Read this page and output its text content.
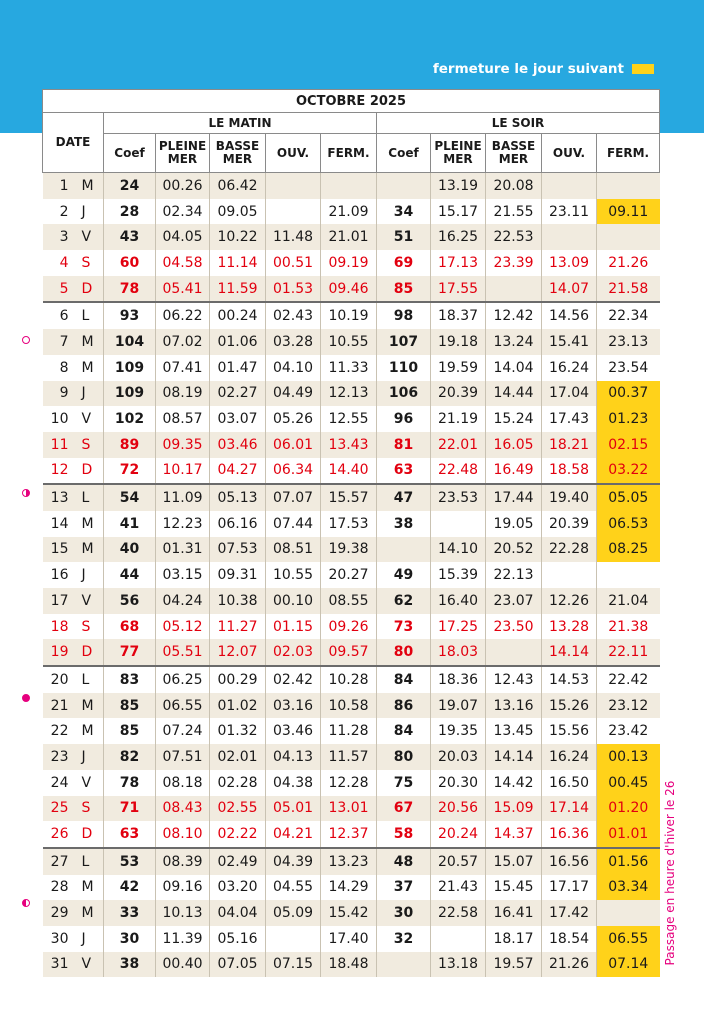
fermeture le jour suivant
OCTOBRE 2025											
DATE		LE MATIN					LE SOIR				
		Coef	PLEINE
MER	BASSE
MER	OUV.	FERM.	Coef	PLEINE
MER	BASSE
MER	OUV.	FERM.
1	M	24	00.26	06.42				13.19	20.08		
2	J	28	02.34	09.05		21.09	34	15.17	21.55	23.11	09.11
3	V	43	04.05	10.22	11.48	21.01	51	16.25	22.53		
4	S	60	04.58	11.14	00.51	09.19	69	17.13	23.39	13.09	21.26
5	D	78	05.41	11.59	01.53	09.46	85	17.55		14.07	21.58
6	L	93	06.22	00.24	02.43	10.19	98	18.37	12.42	14.56	22.34
7	M	104	07.02	01.06	03.28	10.55	107	19.18	13.24	15.41	23.13
8	M	109	07.41	01.47	04.10	11.33	110	19.59	14.04	16.24	23.54
9	J	109	08.19	02.27	04.49	12.13	106	20.39	14.44	17.04	00.37
10	V	102	08.57	03.07	05.26	12.55	96	21.19	15.24	17.43	01.23
11	S	89	09.35	03.46	06.01	13.43	81	22.01	16.05	18.21	02.15
12	D	72	10.17	04.27	06.34	14.40	63	22.48	16.49	18.58	03.22
13	L	54	11.09	05.13	07.07	15.57	47	23.53	17.44	19.40	05.05
14	M	41	12.23	06.16	07.44	17.53	38		19.05	20.39	06.53
15	M	40	01.31	07.53	08.51	19.38		14.10	20.52	22.28	08.25
16	J	44	03.15	09.31	10.55	20.27	49	15.39	22.13		
17	V	56	04.24	10.38	00.10	08.55	62	16.40	23.07	12.26	21.04
18	S	68	05.12	11.27	01.15	09.26	73	17.25	23.50	13.28	21.38
19	D	77	05.51	12.07	02.03	09.57	80	18.03		14.14	22.11
20	L	83	06.25	00.29	02.42	10.28	84	18.36	12.43	14.53	22.42
21	M	85	06.55	01.02	03.16	10.58	86	19.07	13.16	15.26	23.12
22	M	85	07.24	01.32	03.46	11.28	84	19.35	13.45	15.56	23.42
23	J	82	07.51	02.01	04.13	11.57	80	20.03	14.14	16.24	00.13
24	V	78	08.18	02.28	04.38	12.28	75	20.30	14.42	16.50	00.45
25	S	71	08.43	02.55	05.01	13.01	67	20.56	15.09	17.14	01.20
26	D	63	08.10	02.22	04.21	12.37	58	20.24	14.37	16.36	01.01
27	L	53	08.39	02.49	04.39	13.23	48	20.57	15.07	16.56	01.56
28	M	42	09.16	03.20	04.55	14.29	37	21.43	15.45	17.17	03.34
29	M	33	10.13	04.04	05.09	15.42	30	22.58	16.41	17.42	
30	J	30	11.39	05.16		17.40	32		18.17	18.54	06.55
31	V	38	00.40	07.05	07.15	18.48		13.18	19.57	21.26	07.14 Passage en heure d'hiver le 26
